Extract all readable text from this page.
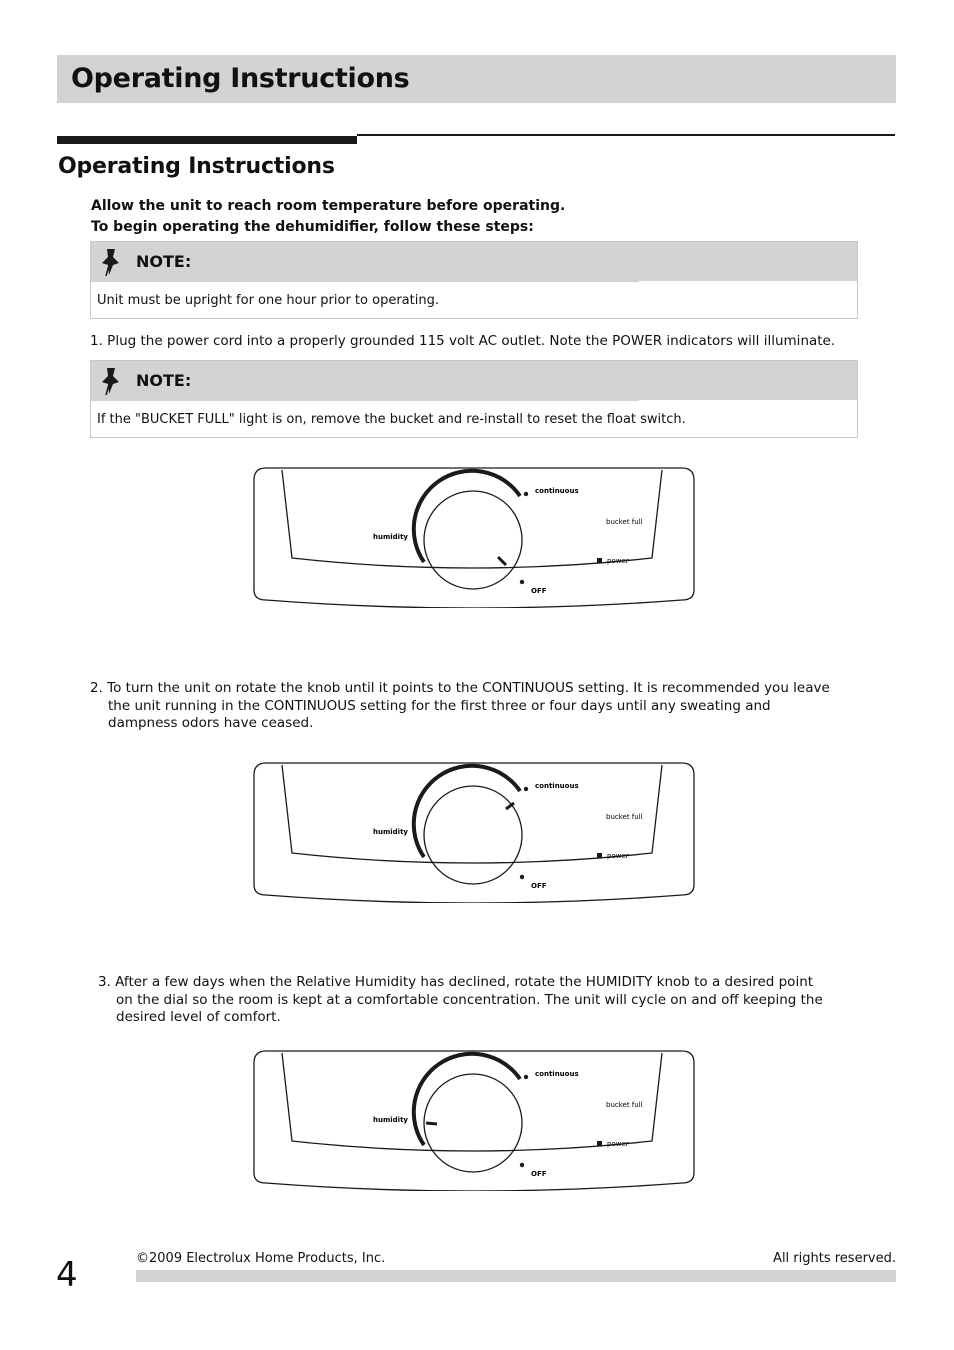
Operating Instructions
Operating Instructions
Allow the unit to reach room temperature before operating.
To begin operating the dehumidifier, follow these steps:
NOTE:
Unit must be upright for one hour prior to operating.
1. Plug the power cord into a properly grounded 115 volt AC outlet. Note the POWER indicators will illuminate.
NOTE:
If the "BUCKET FULL" light is on, remove the bucket and re-install to reset the float switch.
continuous
bucket full
power
OFF
humidity
2. To turn the unit on rotate the knob until it points to the CONTINUOUS setting. It is recommended you leave the unit running in the CONTINUOUS setting for the first three or four days until any sweating and dampness odors have ceased.
continuous
bucket full
power
OFF
humidity
3. After a few days when the Relative Humidity has declined, rotate the HUMIDITY knob to a desired point on the dial so the room is kept at a comfortable concentration. The unit will cycle on and off keeping the desired level of comfort.
continuous
bucket full
power
OFF
humidity
4	©2009 Electrolux Home Products, Inc.	All rights reserved.
